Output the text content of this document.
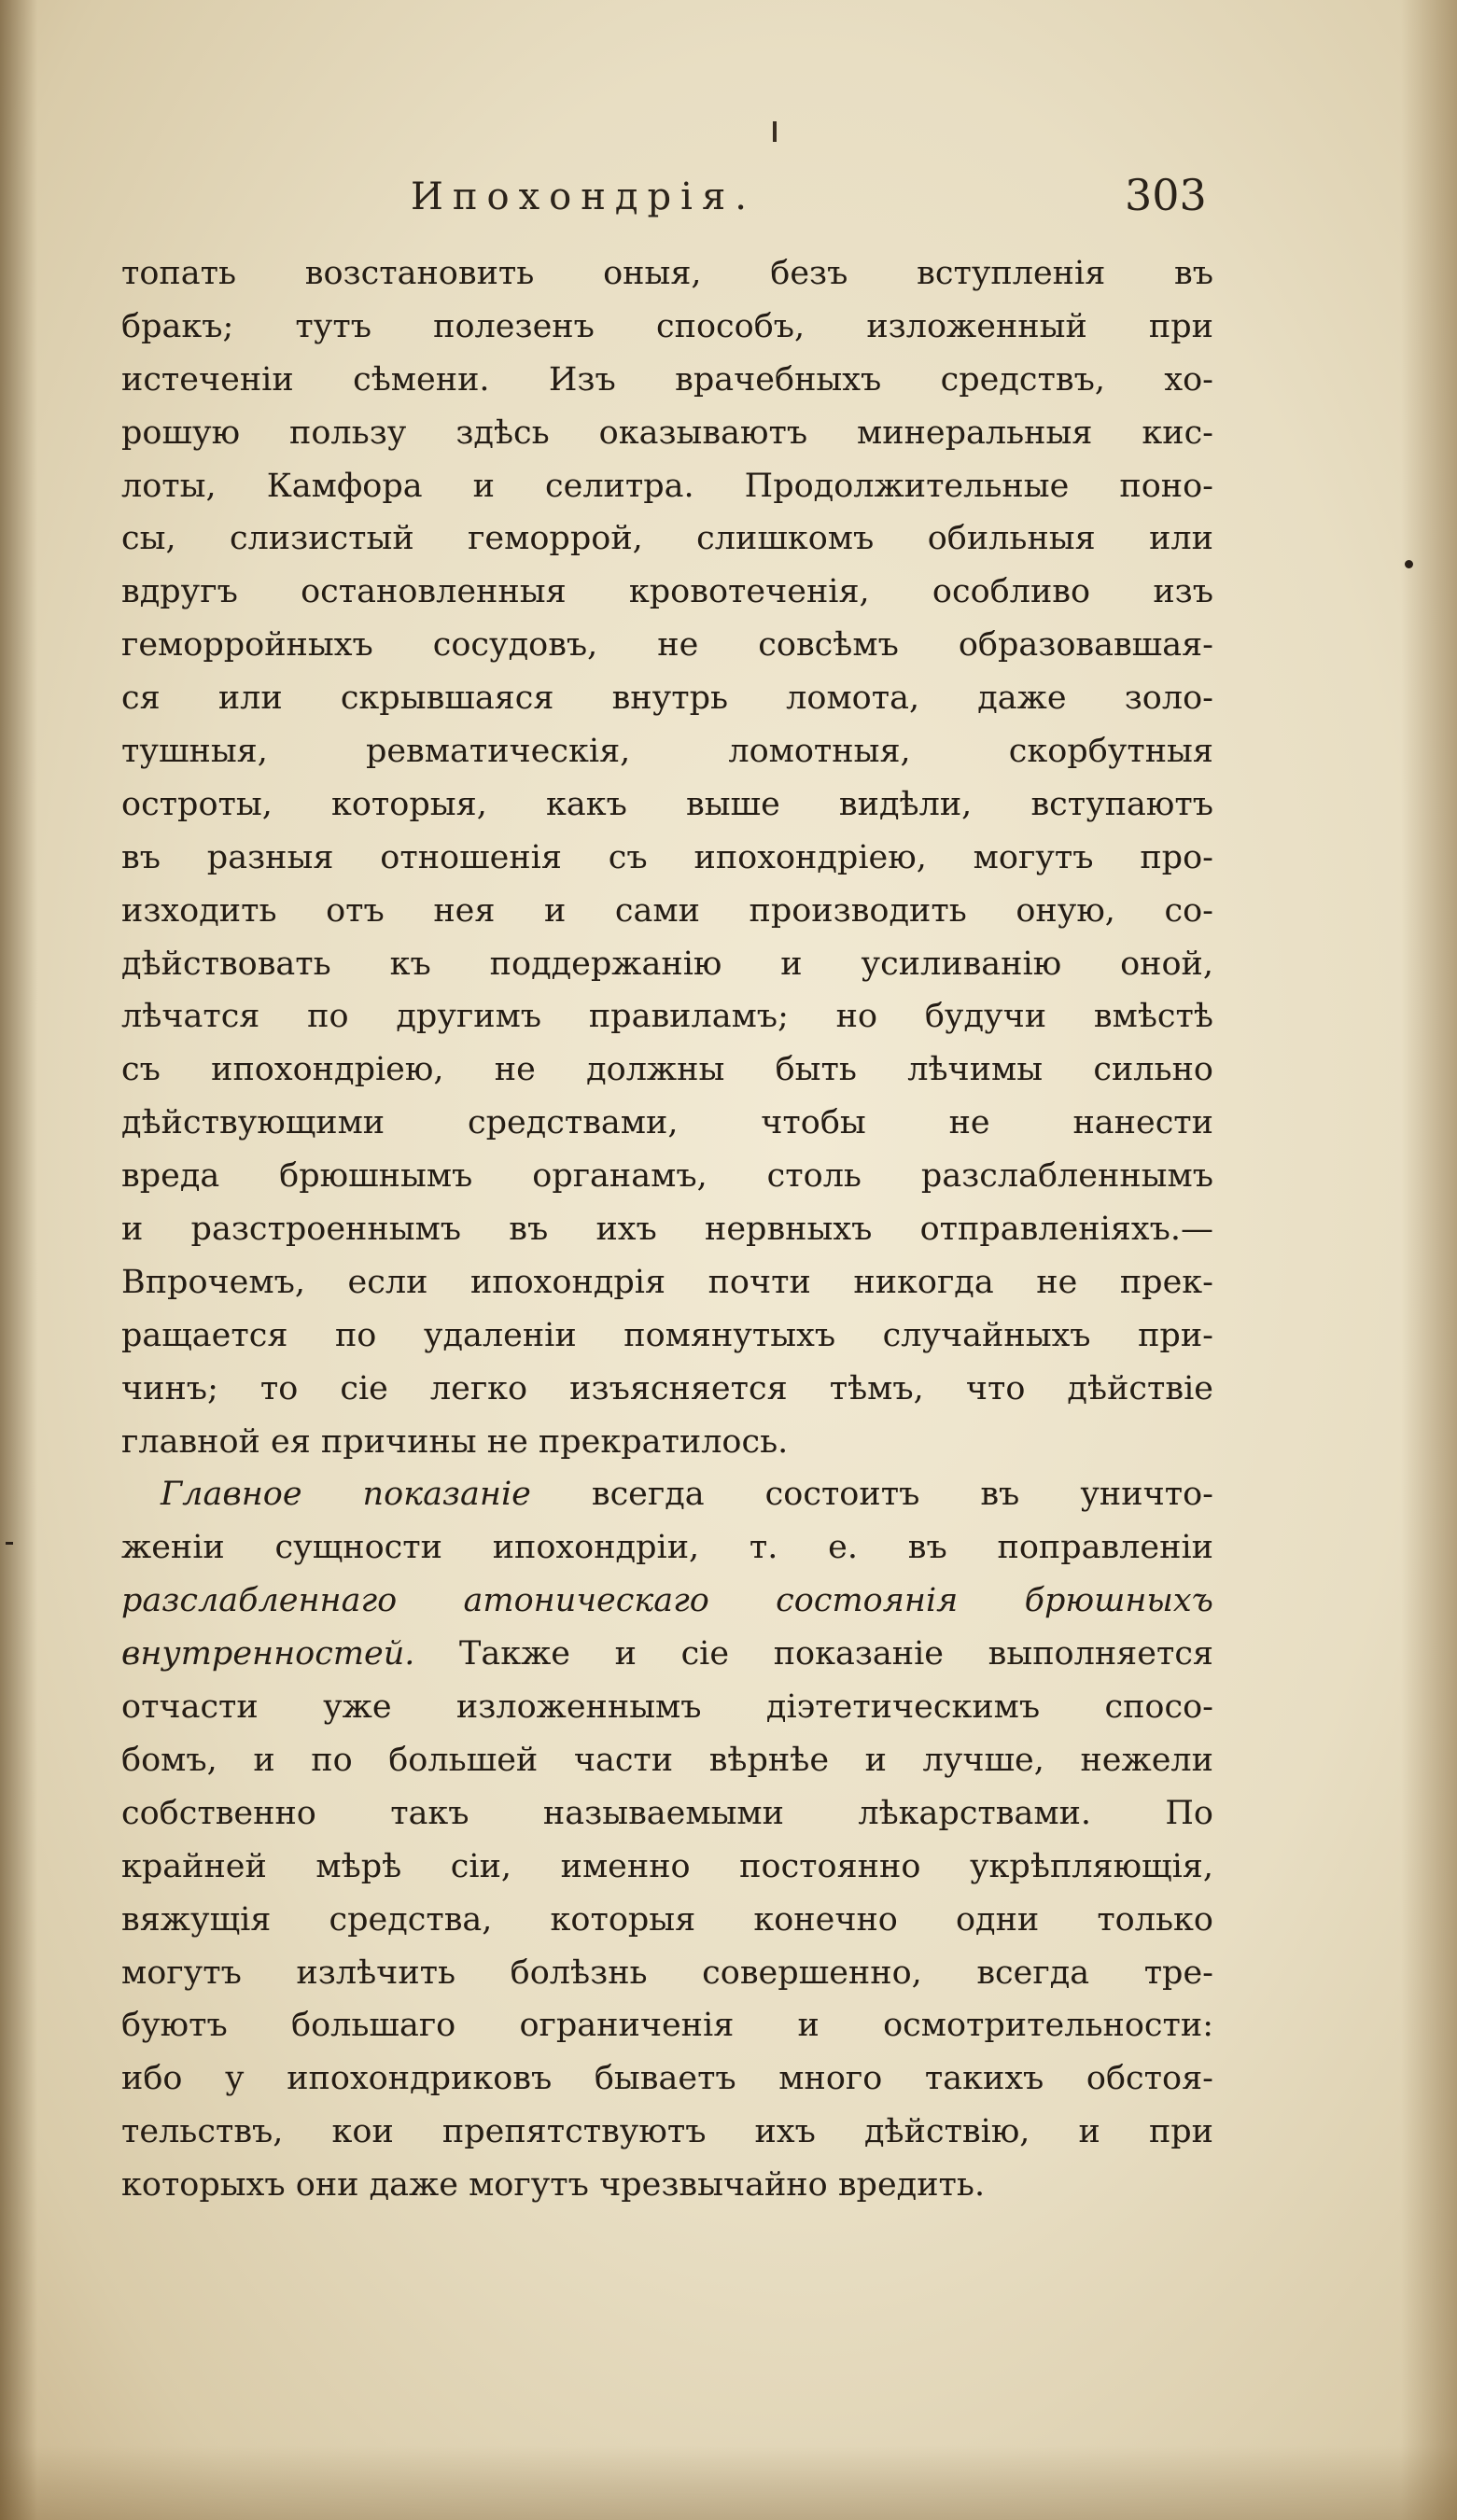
Ипохондрія.	303
топать возстановить оныя, безъ вступленія въ
бракъ; тутъ полезенъ способъ, изложенный при
истеченіи сѣмени. Изъ врачебныхъ средствъ, хо-
рошую пользу здѣсь оказываютъ минеральныя кис-
лоты, Камфора и селитра. Продолжительные поно-
сы, слизистый геморрой, слишкомъ обильныя или
вдругъ остановленныя кровотеченія, особливо изъ
геморройныхъ сосудовъ, не совсѣмъ образовавшая-
ся или скрывшаяся внутрь ломота, даже золо-
тушныя, ревматическія, ломотныя, скорбутныя
остроты, которыя, какъ выше видѣли, вступаютъ
въ разныя отношенія съ ипохондріею, могутъ про-
изходить отъ нея и сами производить оную, со-
дѣйствовать къ поддержанію и усиливанію оной,
лѣчатся по другимъ правиламъ; но будучи вмѣстѣ
съ ипохондріею, не должны быть лѣчимы сильно
дѣйствующими средствами, чтобы не нанести
вреда брюшнымъ органамъ, столь разслабленнымъ
и разстроеннымъ въ ихъ нервныхъ отправленіяхъ.—
Впрочемъ, если ипохондрія почти никогда не прек-
ращается по удаленіи помянутыхъ случайныхъ при-
чинъ; то сіе легко изъясняется тѣмъ, что дѣйствіе
главной ея причины не прекратилось.
Главное показаніе всегда состоитъ въ уничто-
женіи сущности ипохондріи, т. е. въ поправленіи
разслабленнаго атоническаго состоянія брюшныхъ
внутренностей. Также и сіе показаніе выполняется
отчасти уже изложеннымъ діэтетическимъ спосо-
бомъ, и по большей части вѣрнѣе и лучше, нежели
собственно такъ называемыми лѣкарствами. По
крайней мѣрѣ сіи, именно постоянно укрѣпляющія,
вяжущія средства, которыя конечно одни только
могутъ излѣчить болѣзнь совершенно, всегда тре-
буютъ большаго ограниченія и осмотрительности:
ибо у ипохондриковъ бываетъ много такихъ обстоя-
тельствъ, кои препятствуютъ ихъ дѣйствію, и при
которыхъ они даже могутъ чрезвычайно вредить.
